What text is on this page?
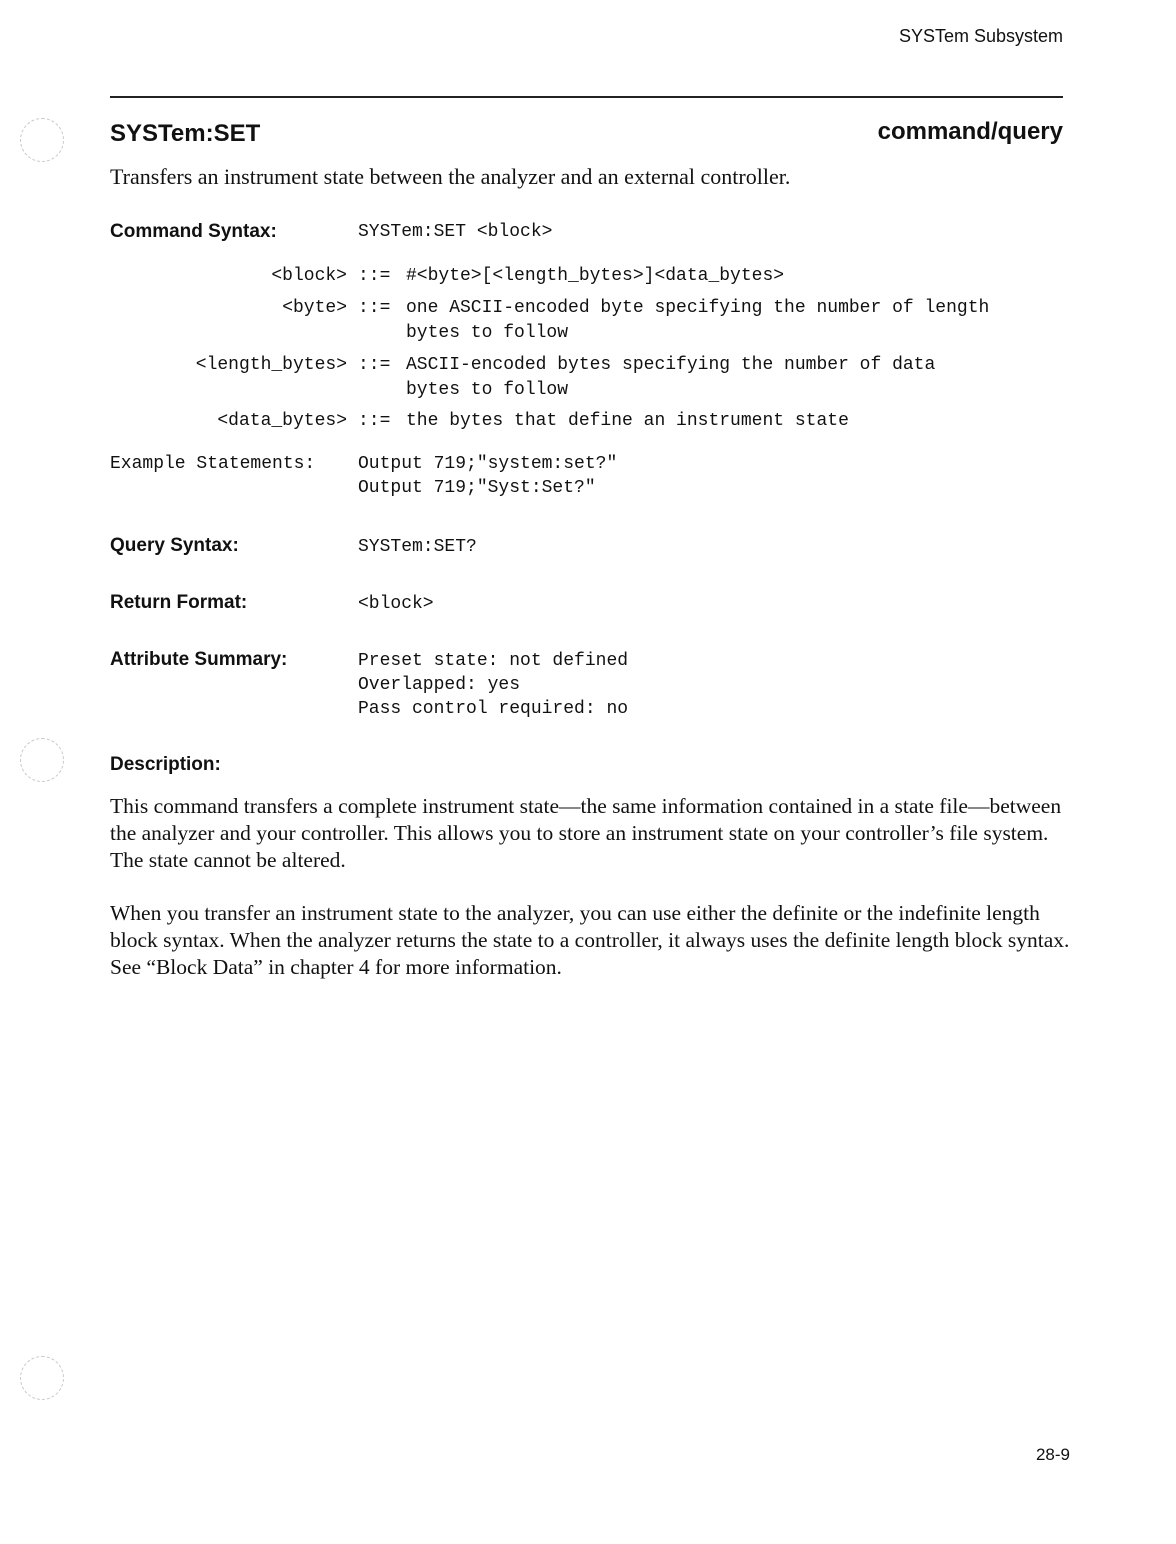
SYSTem Subsystem
SYSTem:SET	command/query
Transfers an instrument state between the analyzer and an external controller.
Command Syntax:	SYSTem:SET <block>
<block> ::= #<byte>[<length_bytes>]<data_bytes>
<byte> ::= one ASCII-encoded byte specifying the number of length
bytes to follow
<length_bytes> ::= ASCII-encoded bytes specifying the number of data
bytes to follow
<data_bytes> ::= the bytes that define an instrument state
Example Statements: Output 719;"system:set?"
Output 719;"Syst:Set?"
Query Syntax:	SYSTem:SET?
Return Format:	<block>
Attribute Summary:	Preset state: not defined
Overlapped: yes
Pass control required: no
Description:
This command transfers a complete instrument state—the same information contained in a state file—between the analyzer and your controller. This allows you to store an instrument state on your controller’s file system. The state cannot be altered.
When you transfer an instrument state to the analyzer, you can use either the definite or the indefinite length block syntax. When the analyzer returns the state to a controller, it always uses the definite length block syntax. See “Block Data” in chapter 4 for more information.
28-9
